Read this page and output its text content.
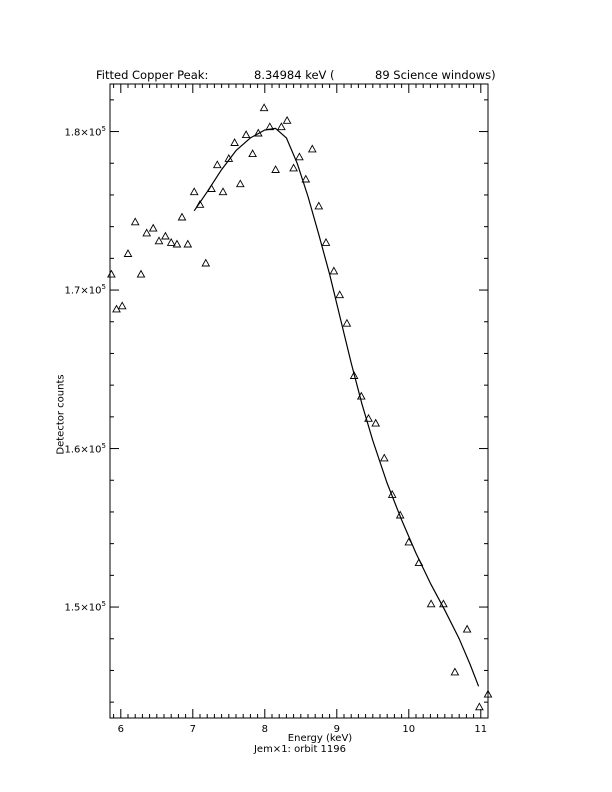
Fitted Copper Peak:	8.34984 keV (	89 Science windows)
6	7	8	9	10	11
$1.5\times 10^5$
$1.6\times 10^5$
$1.7\times 10^5$
$1.8\times 10^5$
Energy (keV)
Jem×1: orbit 1196
Detector counts
